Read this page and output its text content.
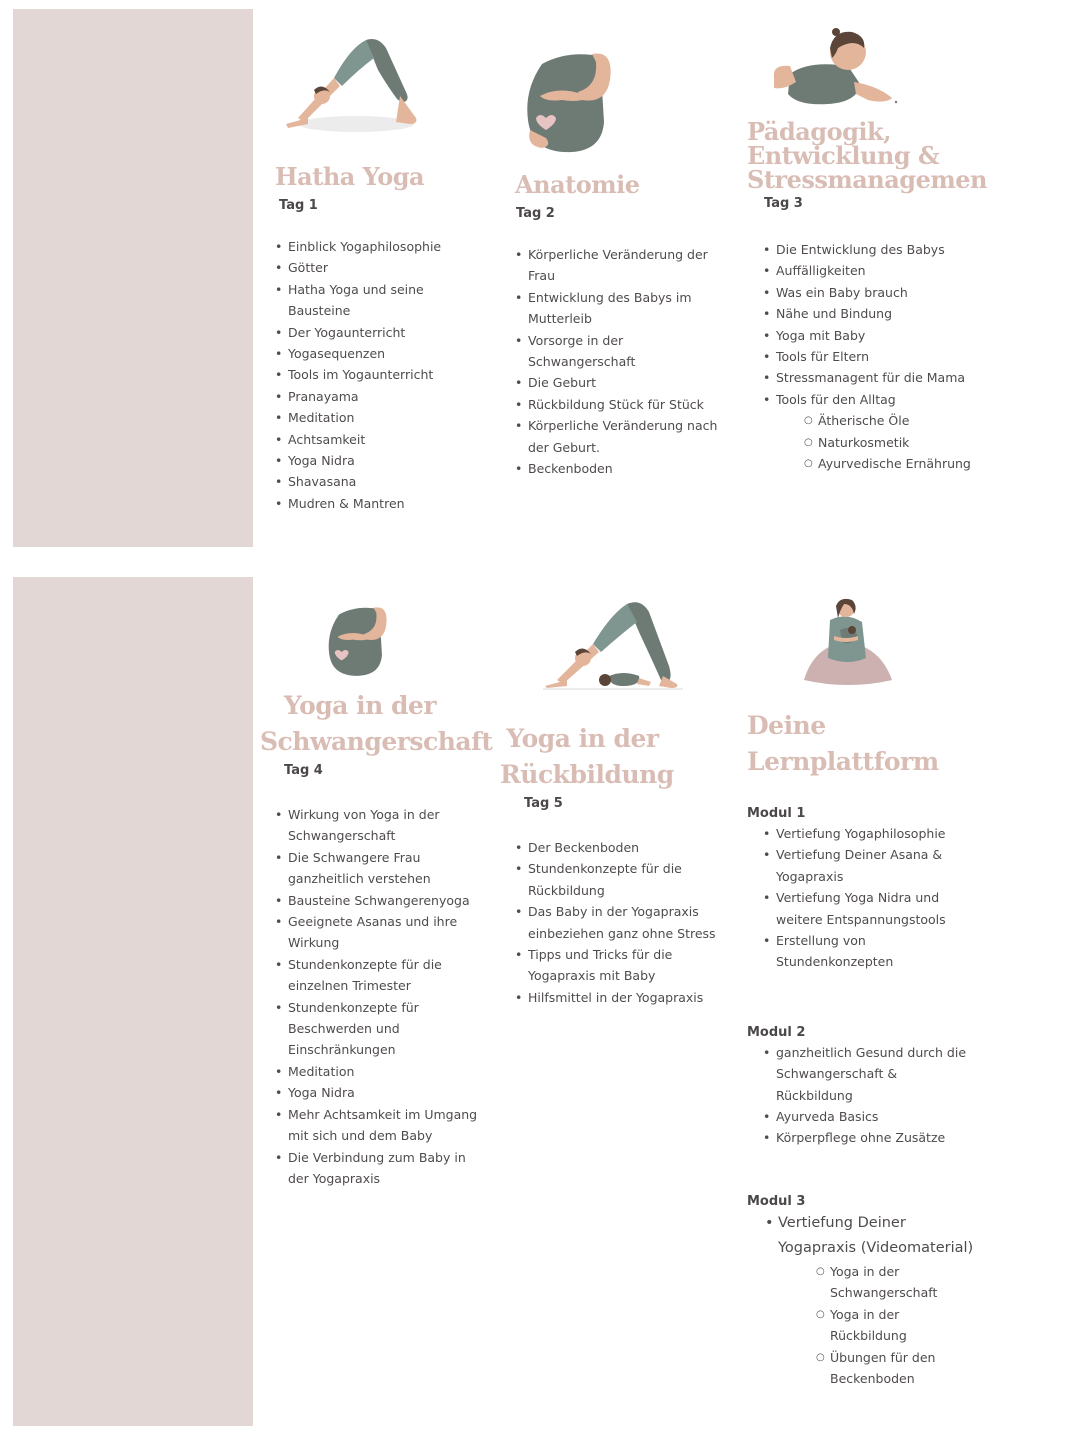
Hatha Yoga

Tag 1

• Einblick Yogaphilosophie
• Götter
• Hatha Yoga und seine Bausteine
• Der Yogaunterricht
• Yogasequenzen
• Tools im Yogaunterricht
• Pranayama
• Meditation
• Achtsamkeit
• Yoga Nidra
• Shavasana
• Mudren & Mantren
Anatomie

Tag 2

• Körperliche Veränderung der Frau
• Entwicklung des Babys im Mutterleib
• Vorsorge in der Schwangerschaft
• Die Geburt
• Rückbildung Stück für Stück
• Körperliche Veränderung nach der Geburt.
• Beckenboden
Pädagogik,
Entwicklung &
Stressmanagemen

Tag 3

• Die Entwicklung des Babys
• Auffälligkeiten
• Was ein Baby brauch
• Nähe und Bindung
• Yoga mit Baby
• Tools für Eltern
• Stressmanagent für die Mama
• Tools für den Alltag
○ Ätherische Öle
○ Naturkosmetik
○ Ayurvedische Ernährung
Yoga in der
Schwangerschaft

Tag 4

• Wirkung von Yoga in der Schwangerschaft
• Die Schwangere Frau ganzheitlich verstehen
• Bausteine Schwangerenyoga
• Geeignete Asanas und ihre Wirkung
• Stundenkonzepte für die einzelnen Trimester
• Stundenkonzepte für Beschwerden und Einschränkungen
• Meditation
• Yoga Nidra
• Mehr Achtsamkeit im Umgang mit sich und dem Baby
• Die Verbindung zum Baby in der Yogapraxis
Yoga in der
Rückbildung

Tag 5

• Der Beckenboden
• Stundenkonzepte für die Rückbildung
• Das Baby in der Yogapraxis einbeziehen ganz ohne Stress
• Tipps und Tricks für die Yogapraxis mit Baby
• Hilfsmittel in der Yogapraxis
Deine
Lernplattform

Modul 1

• Vertiefung Yogaphilosophie
• Vertiefung Deiner Asana & Yogapraxis
• Vertiefung Yoga Nidra und weitere Entspannungstools
• Erstellung von Stundenkonzepten

Modul 2

• ganzheitlich Gesund durch die Schwangerschaft & Rückbildung
• Ayurveda Basics
• Körperpflege ohne Zusätze

Modul 3

• Vertiefung Deiner Yogapraxis (Videomaterial)
○ Yoga in der Schwangerschaft
○ Yoga in der Rückbildung
○ Übungen für den Beckenboden
